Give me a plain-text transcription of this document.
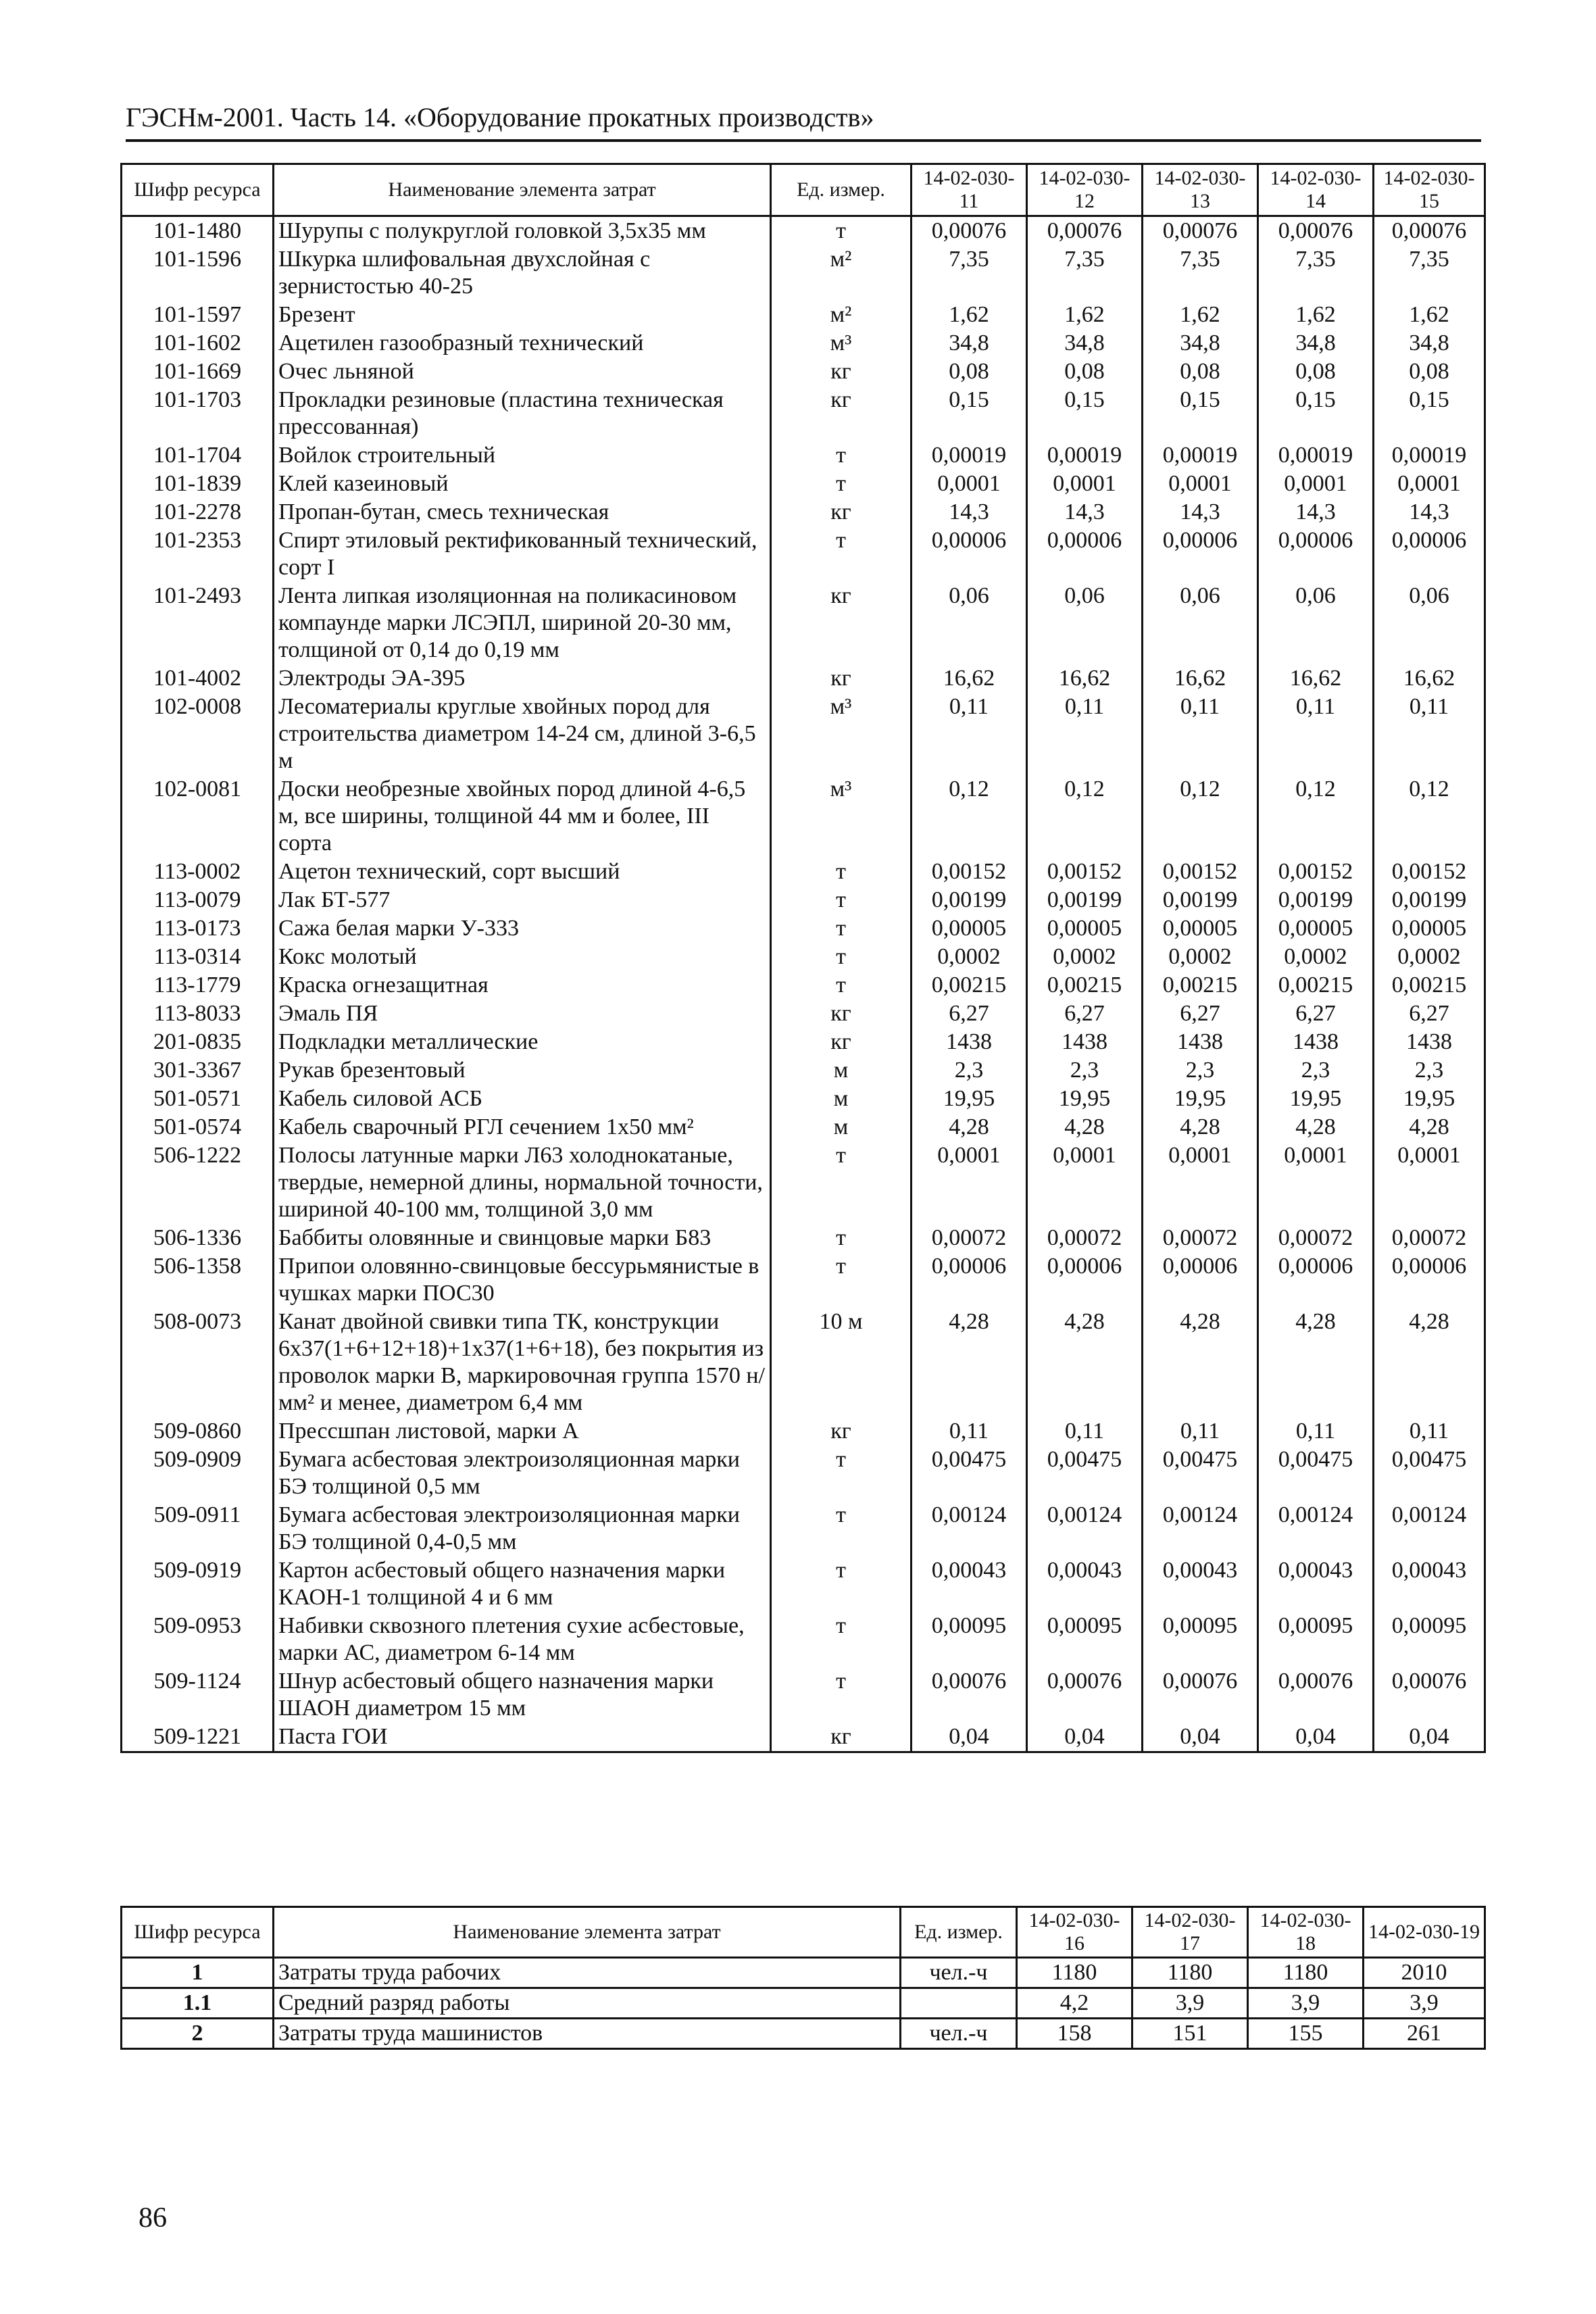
ГЭСНм-2001. Часть 14. «Оборудование прокатных производств»
Шифр ресурса	Наименование элемента затрат	Ед. измер.	14-02-030-11	14-02-030-12	14-02-030-13	14-02-030-14	14-02-030-15
101-1480	Шурупы с полукруглой головкой 3,5x35 мм	т	0,00076	0,00076	0,00076	0,00076	0,00076
101-1596	Шкурка шлифовальная двухслойная с зернистостью 40-25	м²	7,35	7,35	7,35	7,35	7,35
101-1597	Брезент	м²	1,62	1,62	1,62	1,62	1,62
101-1602	Ацетилен газообразный технический	м³	34,8	34,8	34,8	34,8	34,8
101-1669	Очес льняной	кг	0,08	0,08	0,08	0,08	0,08
101-1703	Прокладки резиновые (пластина техническая прессованная)	кг	0,15	0,15	0,15	0,15	0,15
101-1704	Войлок строительный	т	0,00019	0,00019	0,00019	0,00019	0,00019
101-1839	Клей казеиновый	т	0,0001	0,0001	0,0001	0,0001	0,0001
101-2278	Пропан-бутан, смесь техническая	кг	14,3	14,3	14,3	14,3	14,3
101-2353	Спирт этиловый ректификованный технический, сорт I	т	0,00006	0,00006	0,00006	0,00006	0,00006
101-2493	Лента липкая изоляционная на поликасиновом компаунде марки ЛСЭПЛ, шириной 20-30 мм, толщиной от 0,14 до 0,19 мм	кг	0,06	0,06	0,06	0,06	0,06
101-4002	Электроды ЭА-395	кг	16,62	16,62	16,62	16,62	16,62
102-0008	Лесоматериалы круглые хвойных пород для строительства диаметром 14-24 см, длиной 3-6,5 м	м³	0,11	0,11	0,11	0,11	0,11
102-0081	Доски необрезные хвойных пород длиной 4-6,5 м, все ширины, толщиной 44 мм и более, III сорта	м³	0,12	0,12	0,12	0,12	0,12
113-0002	Ацетон технический, сорт высший	т	0,00152	0,00152	0,00152	0,00152	0,00152
113-0079	Лак БТ-577	т	0,00199	0,00199	0,00199	0,00199	0,00199
113-0173	Сажа белая марки У-333	т	0,00005	0,00005	0,00005	0,00005	0,00005
113-0314	Кокс молотый	т	0,0002	0,0002	0,0002	0,0002	0,0002
113-1779	Краска огнезащитная	т	0,00215	0,00215	0,00215	0,00215	0,00215
113-8033	Эмаль ПЯ	кг	6,27	6,27	6,27	6,27	6,27
201-0835	Подкладки металлические	кг	1438	1438	1438	1438	1438
301-3367	Рукав брезентовый	м	2,3	2,3	2,3	2,3	2,3
501-0571	Кабель силовой АСБ	м	19,95	19,95	19,95	19,95	19,95
501-0574	Кабель сварочный РГЛ сечением 1x50 мм²	м	4,28	4,28	4,28	4,28	4,28
506-1222	Полосы латунные марки Л63 холоднокатаные, твердые, немерной длины, нормальной точности, шириной 40-100 мм, толщиной 3,0 мм	т	0,0001	0,0001	0,0001	0,0001	0,0001
506-1336	Баббиты оловянные и свинцовые марки Б83	т	0,00072	0,00072	0,00072	0,00072	0,00072
506-1358	Припои оловянно-свинцовые бессурьмянистые в чушках марки ПОС30	т	0,00006	0,00006	0,00006	0,00006	0,00006
508-0073	Канат двойной свивки типа ТК, конструкции 6x37(1+6+12+18)+1x37(1+6+18), без покрытия из проволок марки В, маркировочная группа 1570 н/мм² и менее, диаметром 6,4 мм	10 м	4,28	4,28	4,28	4,28	4,28
509-0860	Прессшпан листовой, марки А	кг	0,11	0,11	0,11	0,11	0,11
509-0909	Бумага асбестовая электроизоляционная марки БЭ толщиной 0,5 мм	т	0,00475	0,00475	0,00475	0,00475	0,00475
509-0911	Бумага асбестовая электроизоляционная марки БЭ толщиной 0,4-0,5 мм	т	0,00124	0,00124	0,00124	0,00124	0,00124
509-0919	Картон асбестовый общего назначения марки КАОН-1 толщиной 4 и 6 мм	т	0,00043	0,00043	0,00043	0,00043	0,00043
509-0953	Набивки сквозного плетения сухие асбестовые, марки АС, диаметром 6-14 мм	т	0,00095	0,00095	0,00095	0,00095	0,00095
509-1124	Шнур асбестовый общего назначения марки ШАОН диаметром 15 мм	т	0,00076	0,00076	0,00076	0,00076	0,00076
509-1221	Паста ГОИ	кг	0,04	0,04	0,04	0,04	0,04
Шифр ресурса	Наименование элемента затрат	Ед. измер.	14-02-030-16	14-02-030-17	14-02-030-18	14-02-030-19
1	Затраты труда рабочих	чел.-ч	1180	1180	1180	2010
1.1	Средний разряд работы		4,2	3,9	3,9	3,9
2	Затраты труда машинистов	чел.-ч	158	151	155	261
86
